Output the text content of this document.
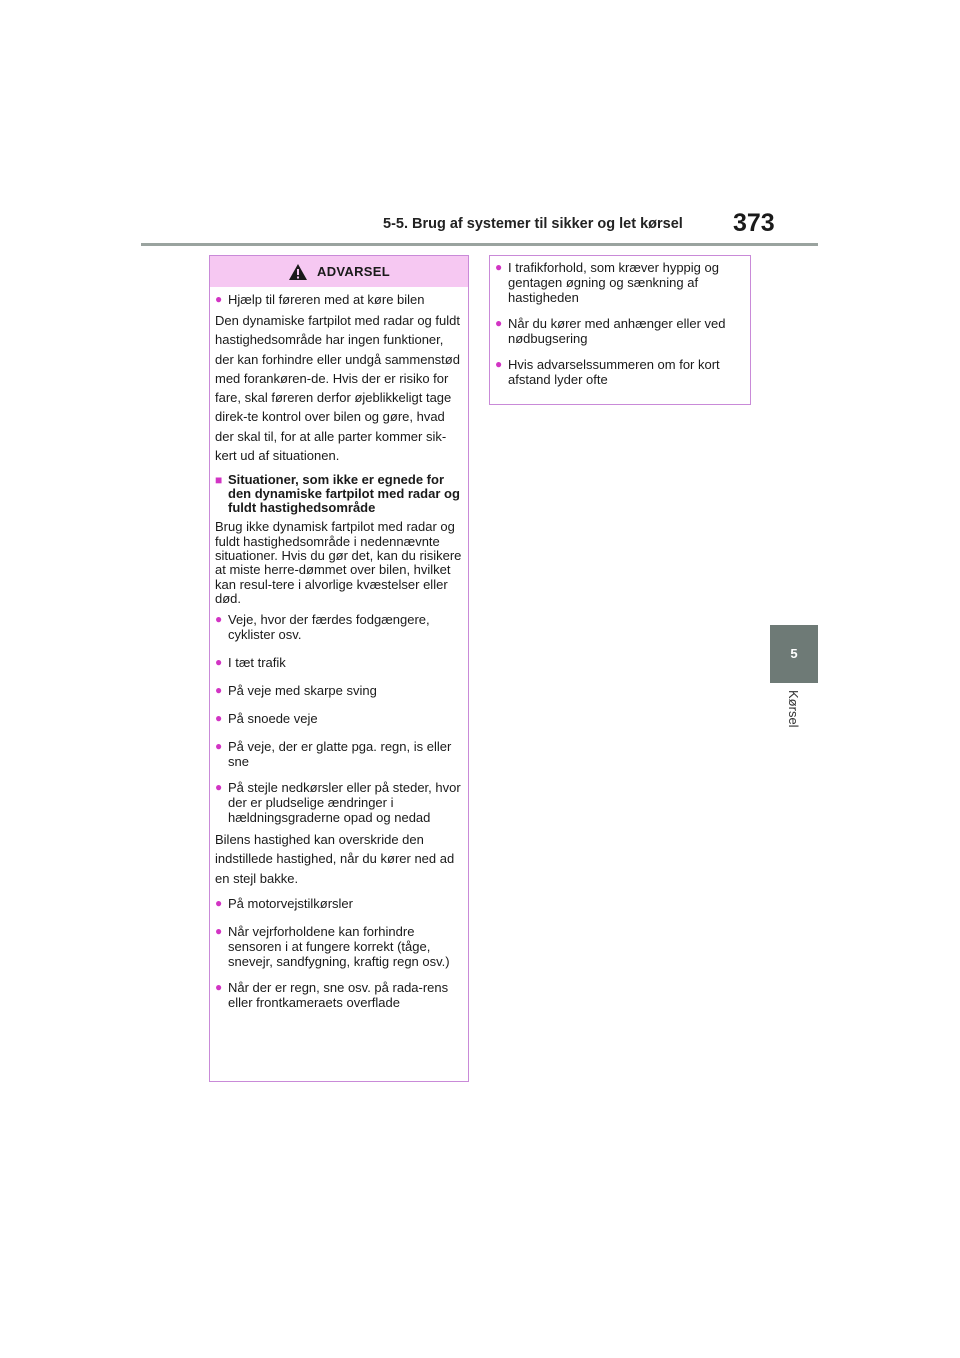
5-5. Brug af systemer til sikker og let kørsel 373
5
Kørsel
ADVARSEL
● Hjælp til føreren med at køre bilen
Den dynamiske fartpilot med radar og fuldt hastighedsområde har ingen funktioner, der kan forhindre eller undgå sammenstød med forankøren-de. Hvis der er risiko for fare, skal føreren derfor øjeblikkeligt tage direk-te kontrol over bilen og gøre, hvad der skal til, for at alle parter kommer sik-kert ud af situationen.
■ Situationer, som ikke er egnede for den dynamiske fartpilot med radar og fuldt hastighedsområde
Brug ikke dynamisk fartpilot med radar og fuldt hastighedsområde i nedennævnte situationer. Hvis du gør det, kan du risikere at miste herre-dømmet over bilen, hvilket kan resul-tere i alvorlige kvæstelser eller død.
● Veje, hvor der færdes fodgængere, cyklister osv.
● I tæt trafik
● På veje med skarpe sving
● På snoede veje
● På veje, der er glatte pga. regn, is eller sne
● På stejle nedkørsler eller på steder, hvor der er pludselige ændringer i hældningsgraderne opad og nedad
Bilens hastighed kan overskride den indstillede hastighed, når du kører ned ad en stejl bakke.
● På motorvejstilkørsler
● Når vejrforholdene kan forhindre sensoren i at fungere korrekt (tåge, snevejr, sandfygning, kraftig regn osv.)
● Når der er regn, sne osv. på rada-rens eller frontkameraets overflade
● I trafikforhold, som kræver hyppig og gentagen øgning og sænkning af hastigheden
● Når du kører med anhænger eller ved nødbugsering
● Hvis advarselssummeren om for kort afstand lyder ofte
